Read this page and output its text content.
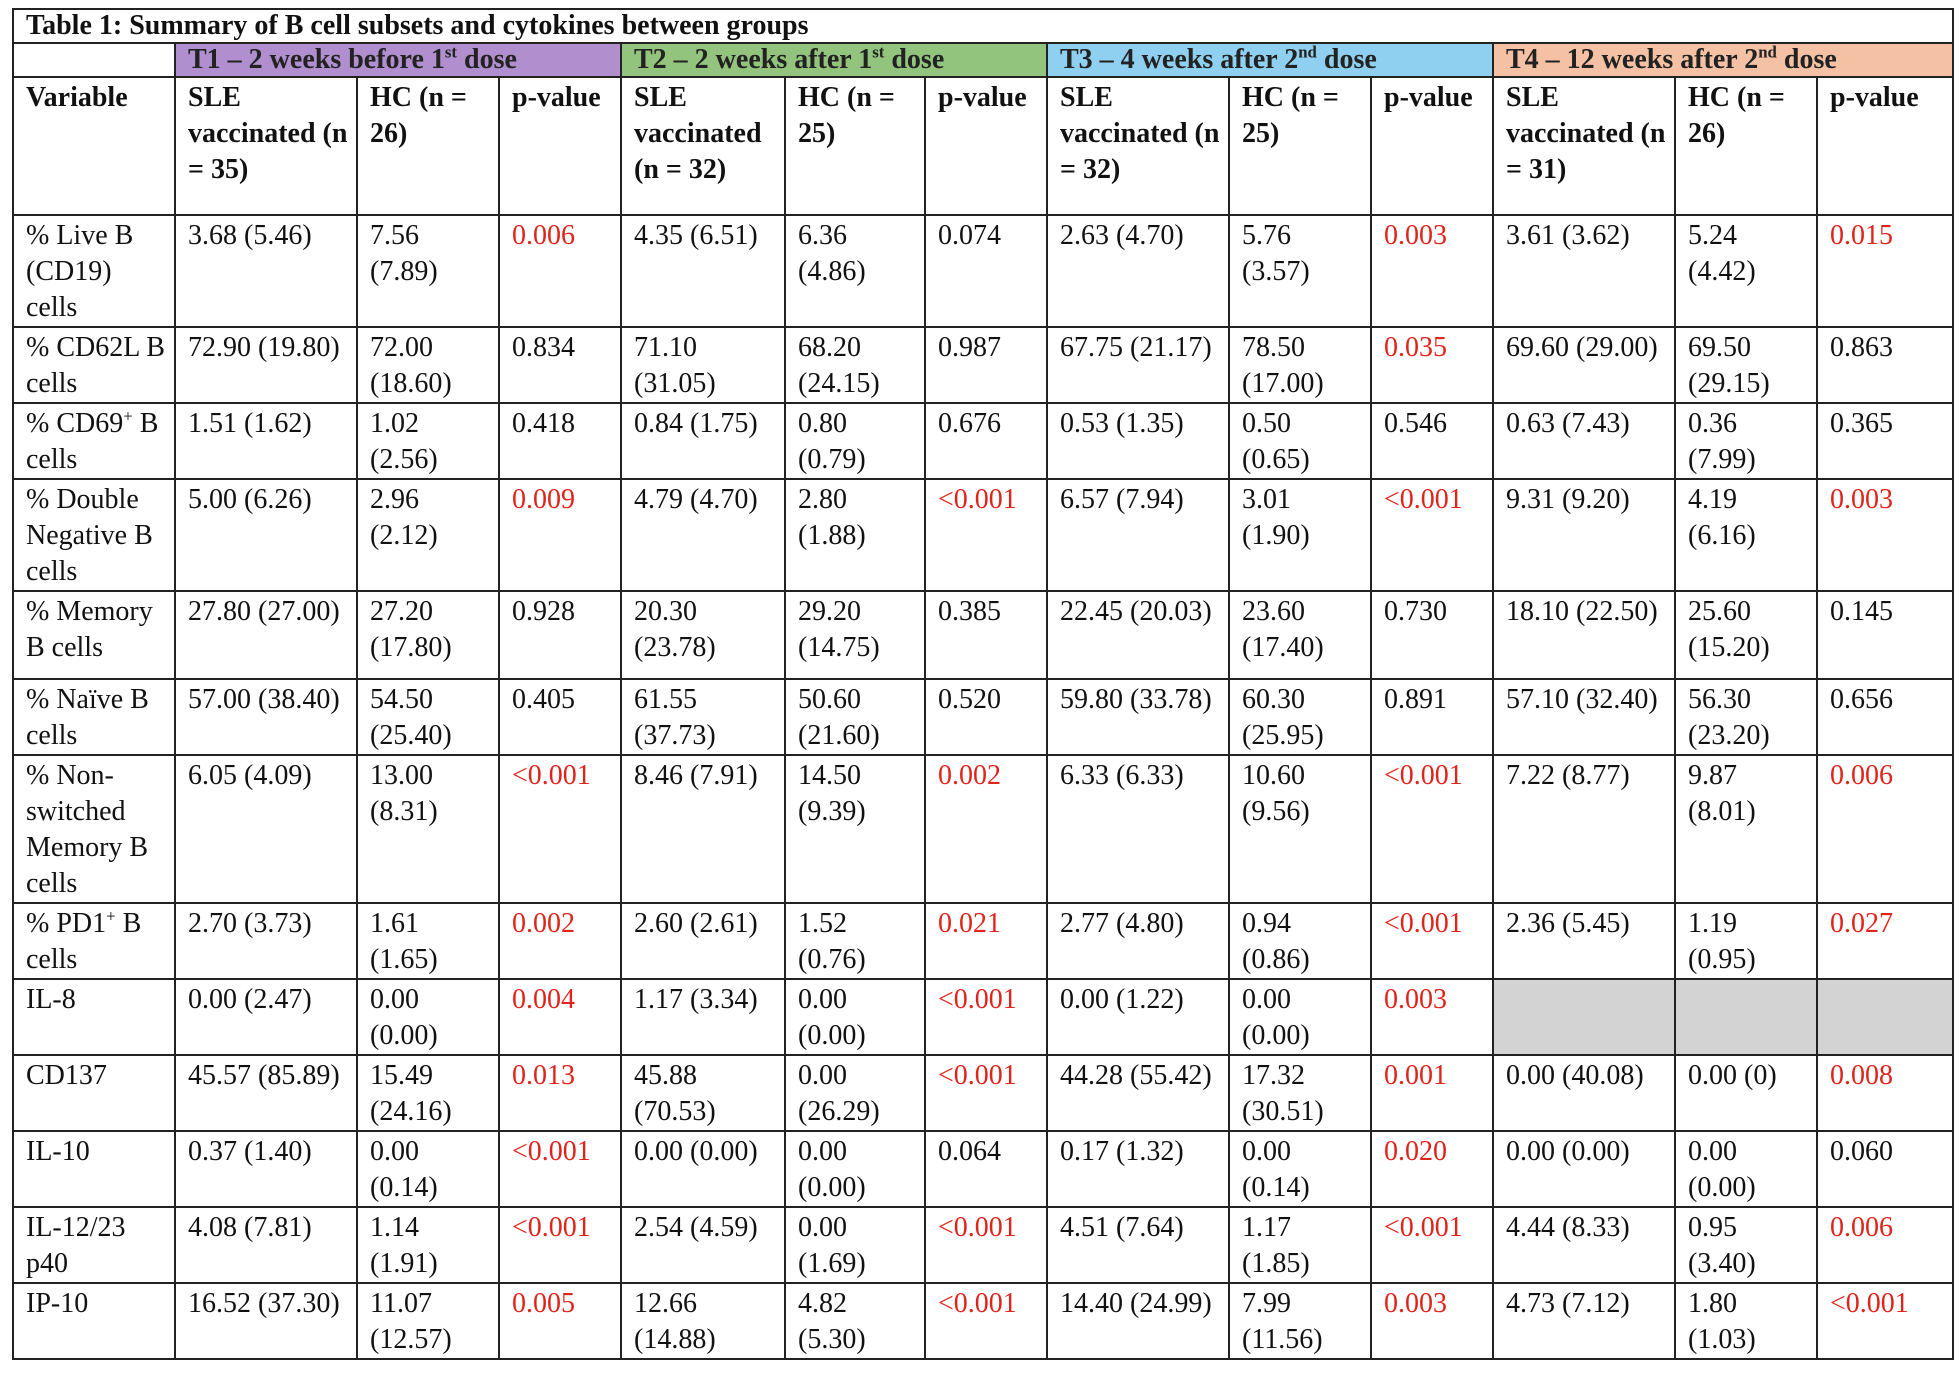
Table 1: Summary of B cell subsets and cytokines between groups												
	T1 – 2 weeks before 1st dose			T2 – 2 weeks after 1st dose			T3 – 4 weeks after 2nd dose			T4 – 12 weeks after 2nd dose		
Variable	SLE vaccinated (n = 35)	HC (n = 26)	p-value	SLE vaccinated (n = 32)	HC (n = 25)	p-value	SLE vaccinated (n = 32)	HC (n = 25)	p-value	SLE vaccinated (n = 31)	HC (n = 26)	p-value
% Live B (CD19) cells	3.68 (5.46)	7.56 (7.89)	0.006	4.35 (6.51)	6.36 (4.86)	0.074	2.63 (4.70)	5.76 (3.57)	0.003	3.61 (3.62)	5.24 (4.42)	0.015
% CD62L B cells	72.90 (19.80)	72.00 (18.60)	0.834	71.10 (31.05)	68.20 (24.15)	0.987	67.75 (21.17)	78.50 (17.00)	0.035	69.60 (29.00)	69.50 (29.15)	0.863
% CD69+ B cells	1.51 (1.62)	1.02 (2.56)	0.418	0.84 (1.75)	0.80 (0.79)	0.676	0.53 (1.35)	0.50 (0.65)	0.546	0.63 (7.43)	0.36 (7.99)	0.365
% Double Negative B cells	5.00 (6.26)	2.96 (2.12)	0.009	4.79 (4.70)	2.80 (1.88)	<0.001	6.57 (7.94)	3.01 (1.90)	<0.001	9.31 (9.20)	4.19 (6.16)	0.003
% Memory B cells	27.80 (27.00)	27.20 (17.80)	0.928	20.30 (23.78)	29.20 (14.75)	0.385	22.45 (20.03)	23.60 (17.40)	0.730	18.10 (22.50)	25.60 (15.20)	0.145
% Naïve B cells	57.00 (38.40)	54.50 (25.40)	0.405	61.55 (37.73)	50.60 (21.60)	0.520	59.80 (33.78)	60.30 (25.95)	0.891	57.10 (32.40)	56.30 (23.20)	0.656
% Non-switched Memory B cells	6.05 (4.09)	13.00 (8.31)	<0.001	8.46 (7.91)	14.50 (9.39)	0.002	6.33 (6.33)	10.60 (9.56)	<0.001	7.22 (8.77)	9.87 (8.01)	0.006
% PD1+ B cells	2.70 (3.73)	1.61 (1.65)	0.002	2.60 (2.61)	1.52 (0.76)	0.021	2.77 (4.80)	0.94 (0.86)	<0.001	2.36 (5.45)	1.19 (0.95)	0.027
IL-8	0.00 (2.47)	0.00 (0.00)	0.004	1.17 (3.34)	0.00 (0.00)	<0.001	0.00 (1.22)	0.00 (0.00)	0.003			
CD137	45.57 (85.89)	15.49 (24.16)	0.013	45.88 (70.53)	0.00 (26.29)	<0.001	44.28 (55.42)	17.32 (30.51)	0.001	0.00 (40.08)	0.00 (0)	0.008
IL-10	0.37 (1.40)	0.00 (0.14)	<0.001	0.00 (0.00)	0.00 (0.00)	0.064	0.17 (1.32)	0.00 (0.14)	0.020	0.00 (0.00)	0.00 (0.00)	0.060
IL-12/23 p40	4.08 (7.81)	1.14 (1.91)	<0.001	2.54 (4.59)	0.00 (1.69)	<0.001	4.51 (7.64)	1.17 (1.85)	<0.001	4.44 (8.33)	0.95 (3.40)	0.006
IP-10	16.52 (37.30)	11.07 (12.57)	0.005	12.66 (14.88)	4.82 (5.30)	<0.001	14.40 (24.99)	7.99 (11.56)	0.003	4.73 (7.12)	1.80 (1.03)	<0.001
